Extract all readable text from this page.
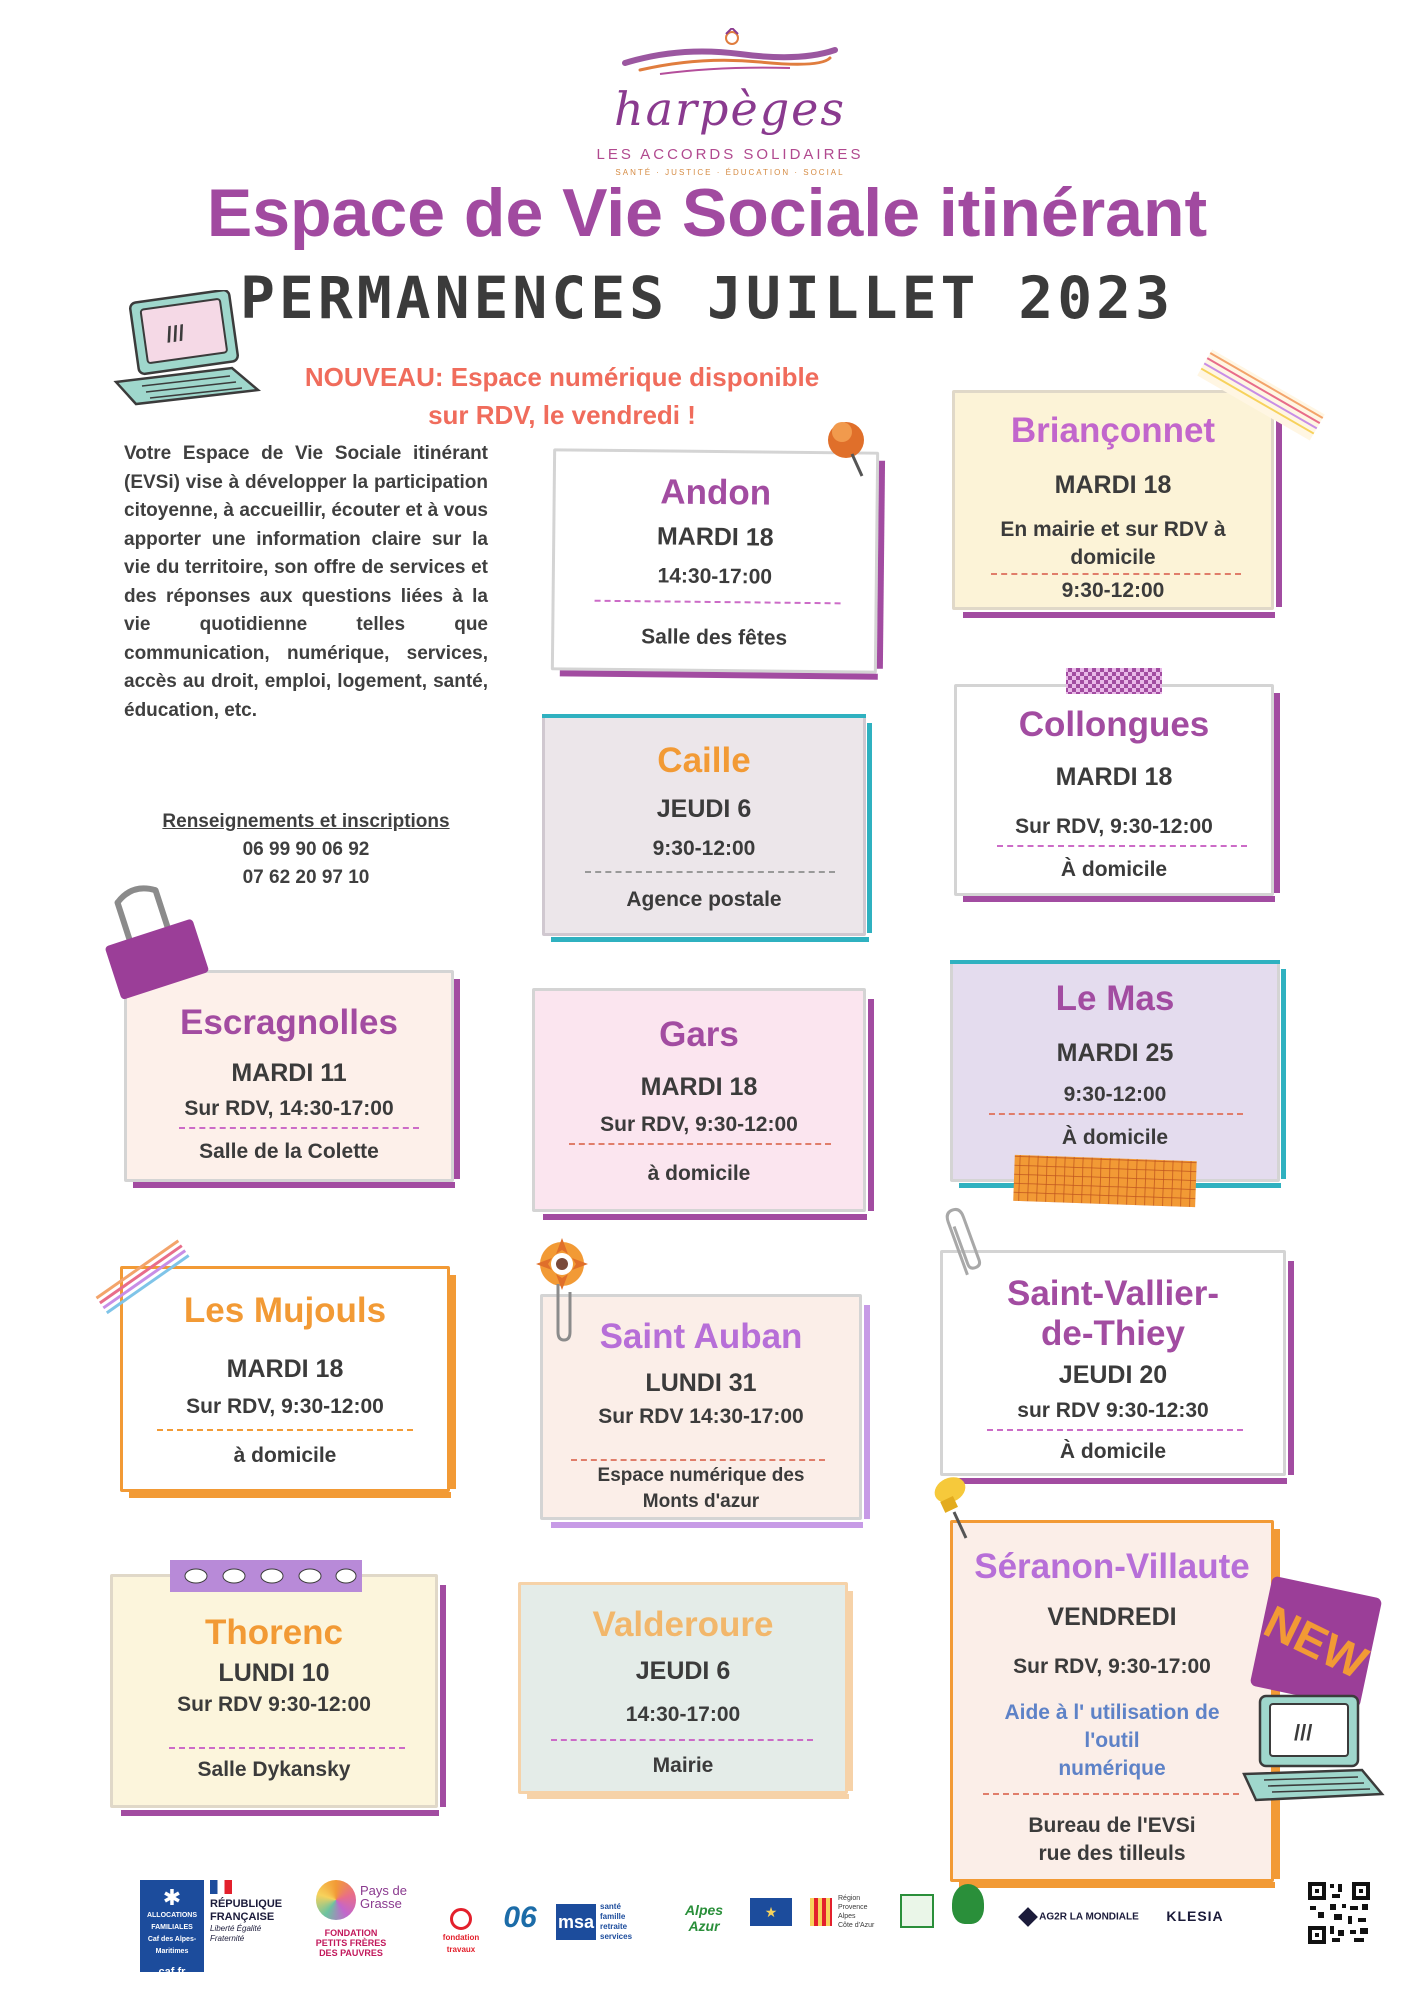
harpèges
LES ACCORDS SOLIDAIRES
SANTÉ · JUSTICE · ÉDUCATION · SOCIAL
Espace de Vie Sociale itinérant
PERMANENCES JUILLET 2023
///
NOUVEAU: Espace numérique disponible
sur RDV, le vendredi !
Votre Espace de Vie Sociale itinérant (EVSi) vise à développer la participation citoyenne, à accueillir, écouter et à vous apporter une information claire sur la vie du territoire, son offre de services et des réponses aux questions liées à la vie quotidienne telles que communication, numérique, services, accès au droit, emploi, logement, santé, éducation, etc.
Renseignements et inscriptions
06 99 90 06 92
07 62 20 97 10
Andon
MARDI 18
14:30-17:00
Salle des fêtes
Briançonnet
MARDI 18
En mairie et sur RDV à
domicile
9:30-12:00
Caille
JEUDI 6
9:30-12:00
Agence postale
Collongues
MARDI 18
Sur RDV, 9:30-12:00
À domicile
Escragnolles
MARDI 11
Sur RDV, 14:30-17:00
Salle de la Colette
Gars
MARDI 18
Sur RDV, 9:30-12:00
à domicile
Le Mas
MARDI 25
9:30-12:00
À domicile
Les Mujouls
MARDI 18
Sur RDV, 9:30-12:00
à domicile
Saint Auban
LUNDI 31
Sur RDV 14:30-17:00
Espace numérique des
Monts d'azur
Saint-Vallier-
de-Thiey
JEUDI 20
sur RDV 9:30-12:30
À domicile
Thorenc
LUNDI 10
Sur RDV 9:30-12:00
Salle Dykansky
Valderoure
JEUDI 6
14:30-17:00
Mairie
Séranon-Villaute
VENDREDI
Sur RDV, 9:30-17:00
Aide à l' utilisation de
l'outil
numérique
Bureau de l'EVSi
rue des tilleuls
NEW
///
✱
ALLOCATIONS FAMILIALES
Caf des Alpes-Maritimes
caf.fr
RÉPUBLIQUE
FRANÇAISE
Liberté Égalité Fraternité
Pays de Grasse
FONDATION
PETITS FRÈRES
DES PAUVRES
fondation travaux
06 msa
santé
famille
retraite
services
Alpes Azur
★
Région
Provence
Alpes
Côte d'Azur
AG2R LA MONDIALE	KLESIA
